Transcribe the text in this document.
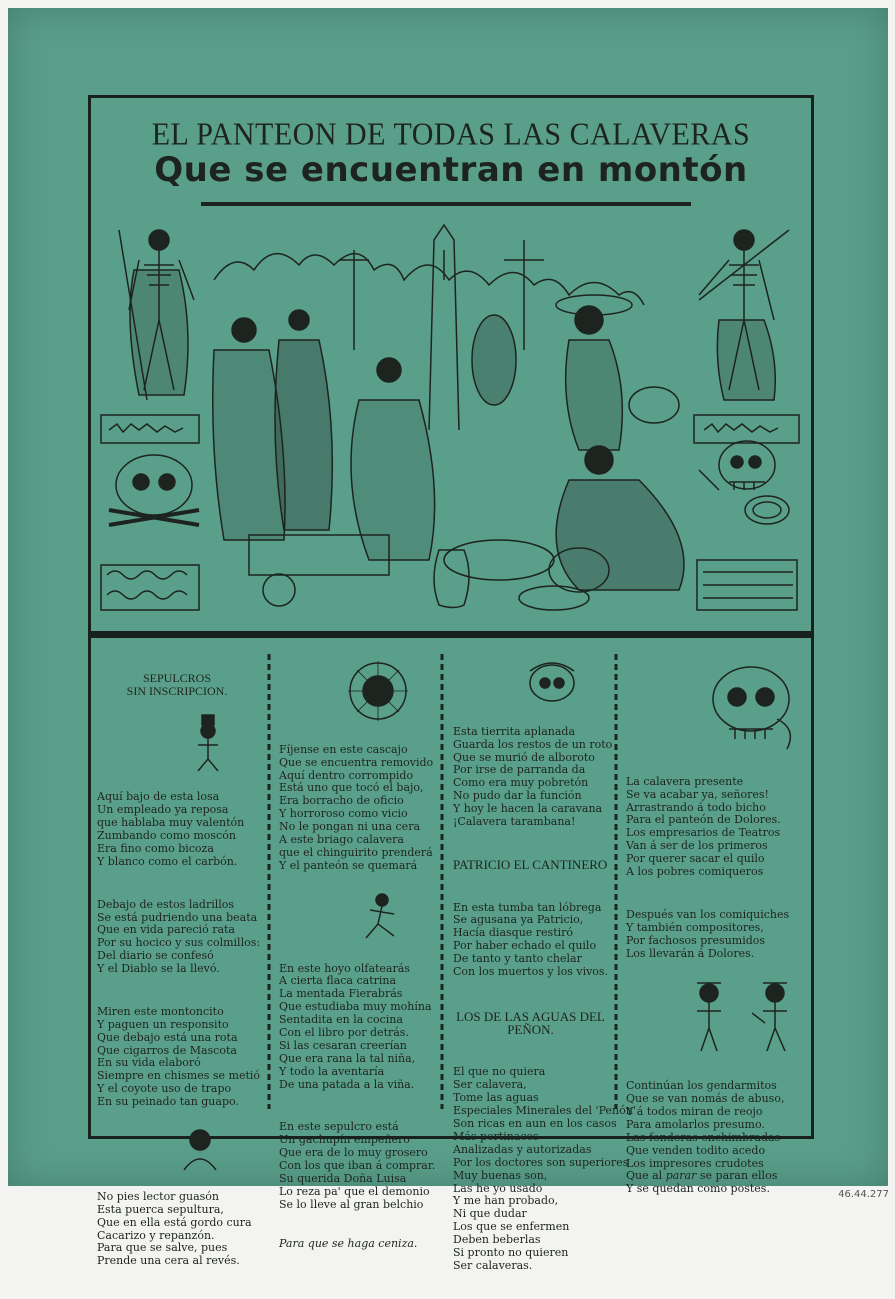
EL PANTEON DE TODAS LAS CALAVERAS
Que se encuentran en montón

SEPULCROS
SIN INSCRIPCION.

Aquí bajo de esta losa
Un empleado ya reposa
que hablaba muy valentón
Zumbando como moscón
Era fino como bicoza
Y blanco como el carbón.

Debajo de estos ladrillos
Se está pudriendo una beata
Que en vida pareció rata
Por su hocico y sus colmillos:
Del diario se confesó
Y el Diablo se la llevó.

Miren este montoncito
Y paguen un responsito
Que debajo está una rota
Que cigarros de Mascota
En su vida elaboró
Siempre en chismes se metió
Y el coyote uso de trapo
En su peinado tan guapo.

No pies lector guasón
Esta puerca sepultura,
Que en ella está gordo cura
Cacarizo y repanzón.
Para que se salve, pues
Prende una cera al revés.

Fíjense en este cascajo
Que se encuentra removido
Aquí dentro corrompido
Está uno que tocó el bajo,
Era borracho de oficio
Y horroroso como vicio
No le pongan ni una cera
A este briago calavera
que el chinguirito prenderá
Y el panteón se quemará

En este hoyo olfatearás
A cierta flaca catrina
La mentada Fierabrás
Que estudiaba muy mohína
Sentadita en la cocina
Con el libro por detrás.
Si las cesaran creerían
Que era rana la tal niña,
Y todo la aventaría
De una patada a la viña.

En este sepulcro está
Un gachupín empeñero
Que era de lo muy grosero
Con los que iban á comprar.
Su querida Doña Luisa
Lo reza pa' que el demonio
Se lo lleve al gran belchio

Para que se haga ceniza.

Esta tierrita aplanada
Guarda los restos de un roto
Que se murió de alboroto
Por irse de parranda da
Como era muy pobretón
No pudo dar la función
Y hoy le hacen la caravana
¡Calavera tarambana!

PATRICIO EL CANTINERO

En esta tumba tan lóbrega
Se agusana ya Patricio,
Hacía diasque restiró
Por haber echado el quilo
De tanto y tanto chelar
Con los muertos y los vivos.

LOS DE LAS AGUAS DEL
PEÑON.

El que no quiera
Ser calavera,
Tome las aguas
Especiales Minerales del 'Peñón'
Son ricas en aun en los casos
Más pertinaces
Analizadas y autorizadas
Por los doctores son superiores
Muy buenas son,
Las he yo usado
Y me han probado,
Ni que dudar
Los que se enfermen
Deben beberlas
Si pronto no quieren
Ser calaveras.

La calavera presente
Se va acabar ya, señores!
Arrastrando á todo bicho
Para el panteón de Dolores.
Los empresarios de Teatros
Van á ser de los primeros
Por querer sacar el quilo
A los pobres comiqueros

Después van los comiquiches
Y también compositores,
Por fachosos presumidos
Los llevarán á Dolores.

Continúan los gendarmitos
Que se van nomás de abuso,
Y á todos miran de reojo
Para amolarlos presumo.
Las fonderas enchimbradas
Que venden todito acedo
Los impresores crudotes
Que al parar se paran ellos
Y se quedan como postes.

	46.44.277
